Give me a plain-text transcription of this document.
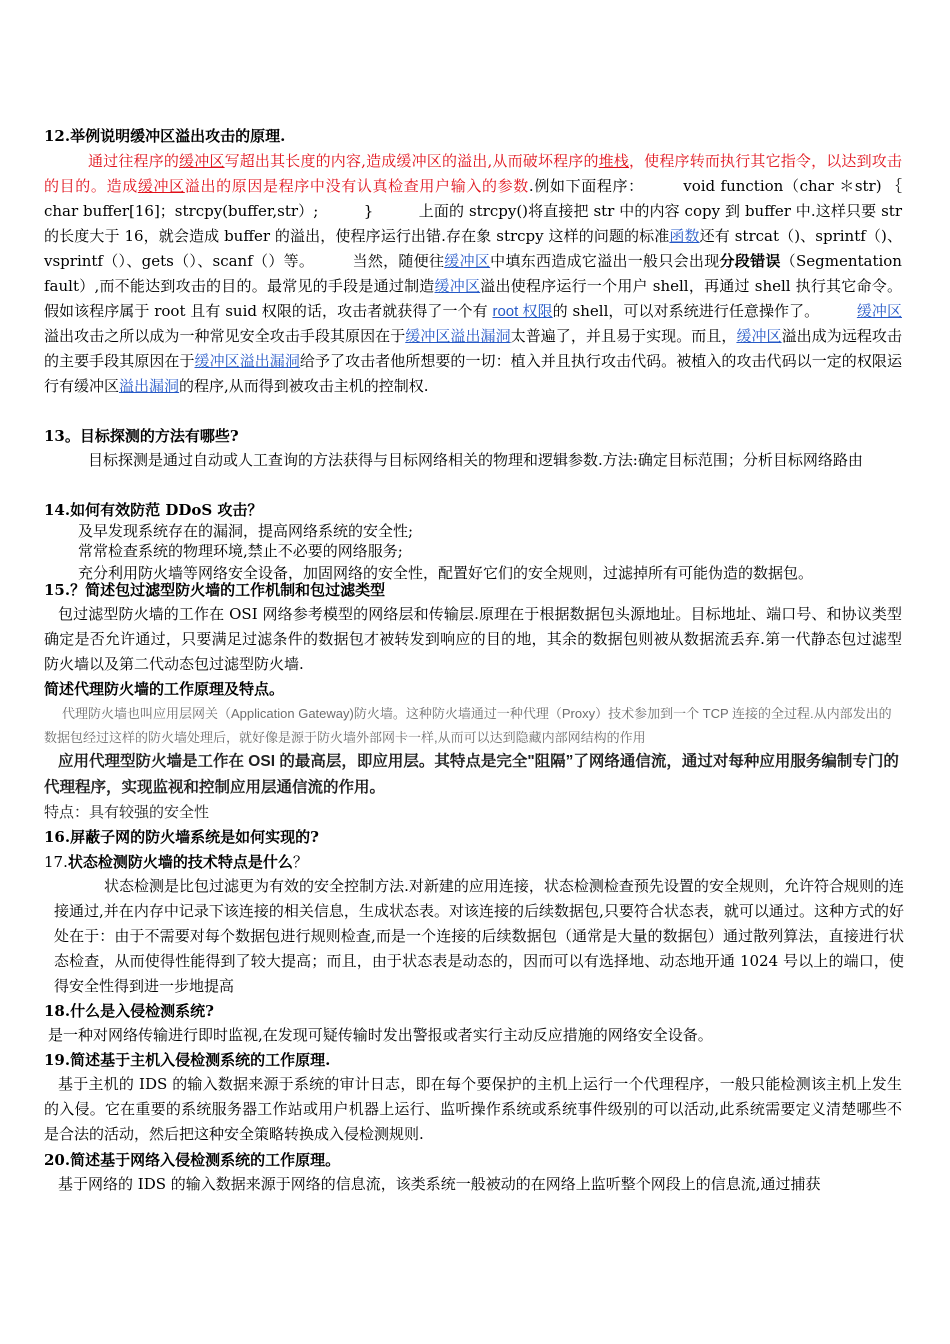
12.举例说明缓冲区溢出攻击的原理.
通过往程序的缓冲区写超出其长度的内容,造成缓冲区的溢出,从而破坏程序的堆栈，使程序转而执行其它指令，以达到攻击的目的。造成缓冲区溢出的原因是程序中没有认真检查用户输入的参数.例如下面程序：　　　void function（char ＊str) ｛　　　char buffer[16]；strcpy(buffer,str）;　　　}　　　上面的 strcpy()将直接把 str 中的内容 copy 到 buffer 中.这样只要 str 的长度大于 16，就会造成 buffer 的溢出，使程序运行出错.存在象 strcpy 这样的问题的标准函数还有 strcat（)、sprintf（)、vsprintf（）、gets（）、scanf（）等。　　　当然，随便往缓冲区中填东西造成它溢出一般只会出现分段错误（Segmentation fault）,而不能达到攻击的目的。最常见的手段是通过制造缓冲区溢出使程序运行一个用户 shell，再通过 shell 执行其它命令。假如该程序属于 root 且有 suid 权限的话，攻击者就获得了一个有 root 权限的 shell，可以对系统进行任意操作了。　　　缓冲区溢出攻击之所以成为一种常见安全攻击手段其原因在于缓冲区溢出漏洞太普遍了，并且易于实现。而且，缓冲区溢出成为远程攻击的主要手段其原因在于缓冲区溢出漏洞给予了攻击者他所想要的一切：植入并且执行攻击代码。被植入的攻击代码以一定的权限运行有缓冲区溢出漏洞的程序,从而得到被攻击主机的控制权.
13。目标探测的方法有哪些?
目标探测是通过自动或人工查询的方法获得与目标网络相关的物理和逻辑参数.方法:确定目标范围；分析目标网络路由
14.如何有效防范 DDoS 攻击？
及早发现系统存在的漏洞，提高网络系统的安全性;
常常检查系统的物理环境,禁止不必要的网络服务;
充分利用防火墙等网络安全设备，加固网络的安全性，配置好它们的安全规则，过滤掉所有可能伪造的数据包。
15.？简述包过滤型防火墙的工作机制和包过滤类型
包过滤型防火墙的工作在 OSI 网络参考模型的网络层和传输层.原理在于根据数据包头源地址。目标地址、端口号、和协议类型确定是否允许通过，只要满足过滤条件的数据包才被转发到响应的目的地，其余的数据包则被从数据流丢弃.第一代静态包过滤型防火墙以及第二代动态包过滤型防火墙.
简述代理防火墙的工作原理及特点。
代理防火墙也叫应用层网关（Application Gateway)防火墙。这种防火墙通过一种代理（Proxy）技术参加到一个 TCP 连接的全过程.从内部发出的数据包经过这样的防火墙处理后，就好像是源于防火墙外部网卡一样,从而可以达到隐藏内部网结构的作用
应用代理型防火墙是工作在 OSI 的最高层，即应用层。其特点是完全"阻隔”了网络通信流，通过对每种应用服务编制专门的代理程序，实现监视和控制应用层通信流的作用。
特点：具有较强的安全性
16.屏蔽子网的防火墙系统是如何实现的?
17.状态检测防火墙的技术特点是什么？
状态检测是比包过滤更为有效的安全控制方法.对新建的应用连接，状态检测检查预先设置的安全规则，允许符合规则的连接通过,并在内存中记录下该连接的相关信息，生成状态表。对该连接的后续数据包,只要符合状态表，就可以通过。这种方式的好处在于：由于不需要对每个数据包进行规则检查,而是一个连接的后续数据包（通常是大量的数据包）通过散列算法，直接进行状态检查，从而使得性能得到了较大提高；而且，由于状态表是动态的，因而可以有选择地、动态地开通 1024 号以上的端口，使得安全性得到进一步地提高
18.什么是入侵检测系统?
是一种对网络传输进行即时监视,在发现可疑传输时发出警报或者实行主动反应措施的网络安全设备。
19.简述基于主机入侵检测系统的工作原理.
基于主机的 IDS 的输入数据来源于系统的审计日志，即在每个要保护的主机上运行一个代理程序，一般只能检测该主机上发生的入侵。它在重要的系统服务器工作站或用户机器上运行、监听操作系统或系统事件级别的可以活动,此系统需要定义清楚哪些不是合法的活动，然后把这种安全策略转换成入侵检测规则.
20.简述基于网络入侵检测系统的工作原理。
基于网络的 IDS 的输入数据来源于网络的信息流，该类系统一般被动的在网络上监听整个网段上的信息流,通过捕获
